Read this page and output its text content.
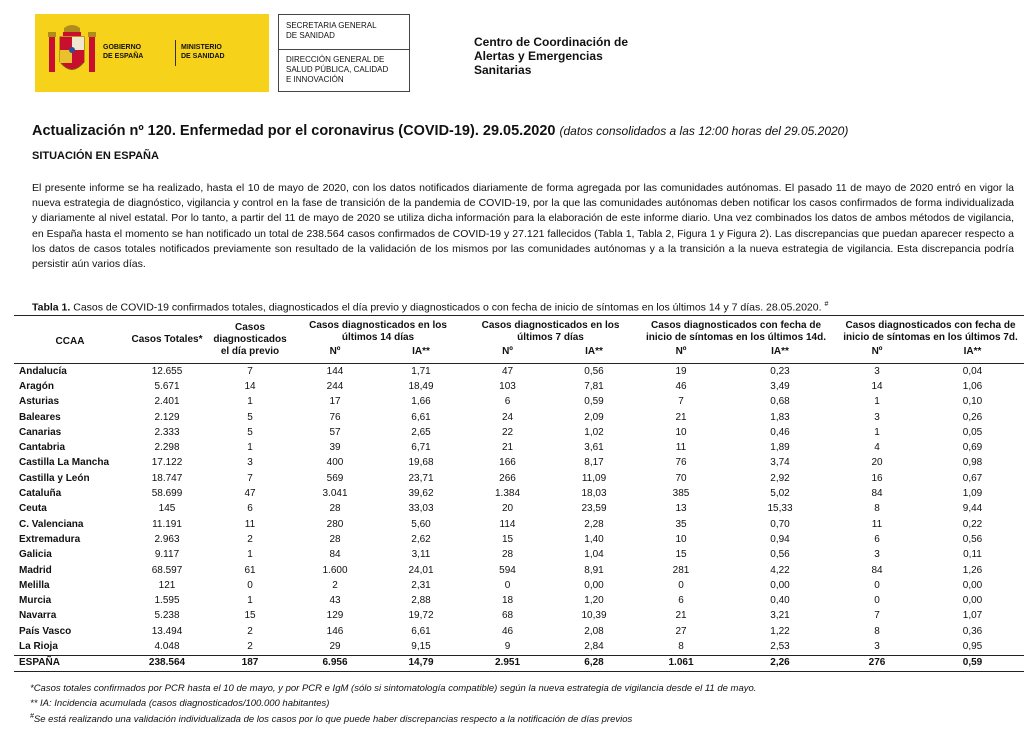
GOBIERNO
DE ESPAÑA
MINISTERIO
DE SANIDAD
SECRETARIA GENERAL
DE SANIDAD
DIRECCIÓN GENERAL DE
SALUD PÚBLICA, CALIDAD
E INNOVACIÓN
Centro de Coordinación de
Alertas y Emergencias
Sanitarias
Actualización nº 120. Enfermedad por el coronavirus (COVID-19). 29.05.2020 (datos consolidados a las 12:00 horas del 29.05.2020)
SITUACIÓN EN ESPAÑA
El presente informe se ha realizado, hasta el 10 de mayo de 2020, con los datos notificados diariamente de forma agregada por las comunidades autónomas. El pasado 11 de mayo de 2020 entró en vigor la nueva estrategia de diagnóstico, vigilancia y control en la fase de transición de la pandemia de COVID-19, por la que las comunidades autónomas deben notificar los casos confirmados de forma individualizada y diariamente al nivel estatal. Por lo tanto, a partir del 11 de mayo de 2020 se utiliza dicha información para la elaboración de este informe diario. Una vez combinados los datos de ambos métodos de vigilancia, en España hasta el momento se han notificado un total de 238.564 casos confirmados de COVID-19 y 27.121 fallecidos (Tabla 1, Tabla 2, Figura 1 y Figura 2). Las discrepancias que puedan aparecer respecto a los datos de casos totales notificados previamente son resultado de la validación de los mismos por las comunidades autónomas y a la transición a la nueva estrategia de vigilancia. Esta discrepancia podría persistir aún varios días.
Tabla 1. Casos de COVID-19 confirmados totales, diagnosticados el día previo y diagnosticados o con fecha de inicio de síntomas en los últimos 14 y 7 días. 28.05.2020. #
CCAA	Casos Totales*	Casos diagnosticados el día previo	Casos diagnosticados en los últimos 14 días		Casos diagnosticados en los últimos 7 días		Casos diagnosticados con fecha de inicio de síntomas en los últimos 14d.		Casos diagnosticados con fecha de inicio de síntomas en los últimos 7d.	
			Nº	IA**	Nº	IA**	Nº	IA**	Nº	IA**
Andalucía	12.655	7	144	1,71	47	0,56	19	0,23	3	0,04
Aragón	5.671	14	244	18,49	103	7,81	46	3,49	14	1,06
Asturias	2.401	1	17	1,66	6	0,59	7	0,68	1	0,10
Baleares	2.129	5	76	6,61	24	2,09	21	1,83	3	0,26
Canarias	2.333	5	57	2,65	22	1,02	10	0,46	1	0,05
Cantabria	2.298	1	39	6,71	21	3,61	11	1,89	4	0,69
Castilla La Mancha	17.122	3	400	19,68	166	8,17	76	3,74	20	0,98
Castilla y León	18.747	7	569	23,71	266	11,09	70	2,92	16	0,67
Cataluña	58.699	47	3.041	39,62	1.384	18,03	385	5,02	84	1,09
Ceuta	145	6	28	33,03	20	23,59	13	15,33	8	9,44
C. Valenciana	11.191	11	280	5,60	114	2,28	35	0,70	11	0,22
Extremadura	2.963	2	28	2,62	15	1,40	10	0,94	6	0,56
Galicia	9.117	1	84	3,11	28	1,04	15	0,56	3	0,11
Madrid	68.597	61	1.600	24,01	594	8,91	281	4,22	84	1,26
Melilla	121	0	2	2,31	0	0,00	0	0,00	0	0,00
Murcia	1.595	1	43	2,88	18	1,20	6	0,40	0	0,00
Navarra	5.238	15	129	19,72	68	10,39	21	3,21	7	1,07
País Vasco	13.494	2	146	6,61	46	2,08	27	1,22	8	0,36
La Rioja	4.048	2	29	9,15	9	2,84	8	2,53	3	0,95
ESPAÑA	238.564	187	6.956	14,79	2.951	6,28	1.061	2,26	276	0,59
*Casos totales confirmados por PCR hasta el 10 de mayo, y por PCR e IgM (sólo si sintomatología compatible) según la nueva estrategia de vigilancia desde el 11 de mayo.
** IA: Incidencia acumulada (casos diagnosticados/100.000 habitantes)
#Se está realizando una validación individualizada de los casos por lo que puede haber discrepancias respecto a la notificación de días previos
